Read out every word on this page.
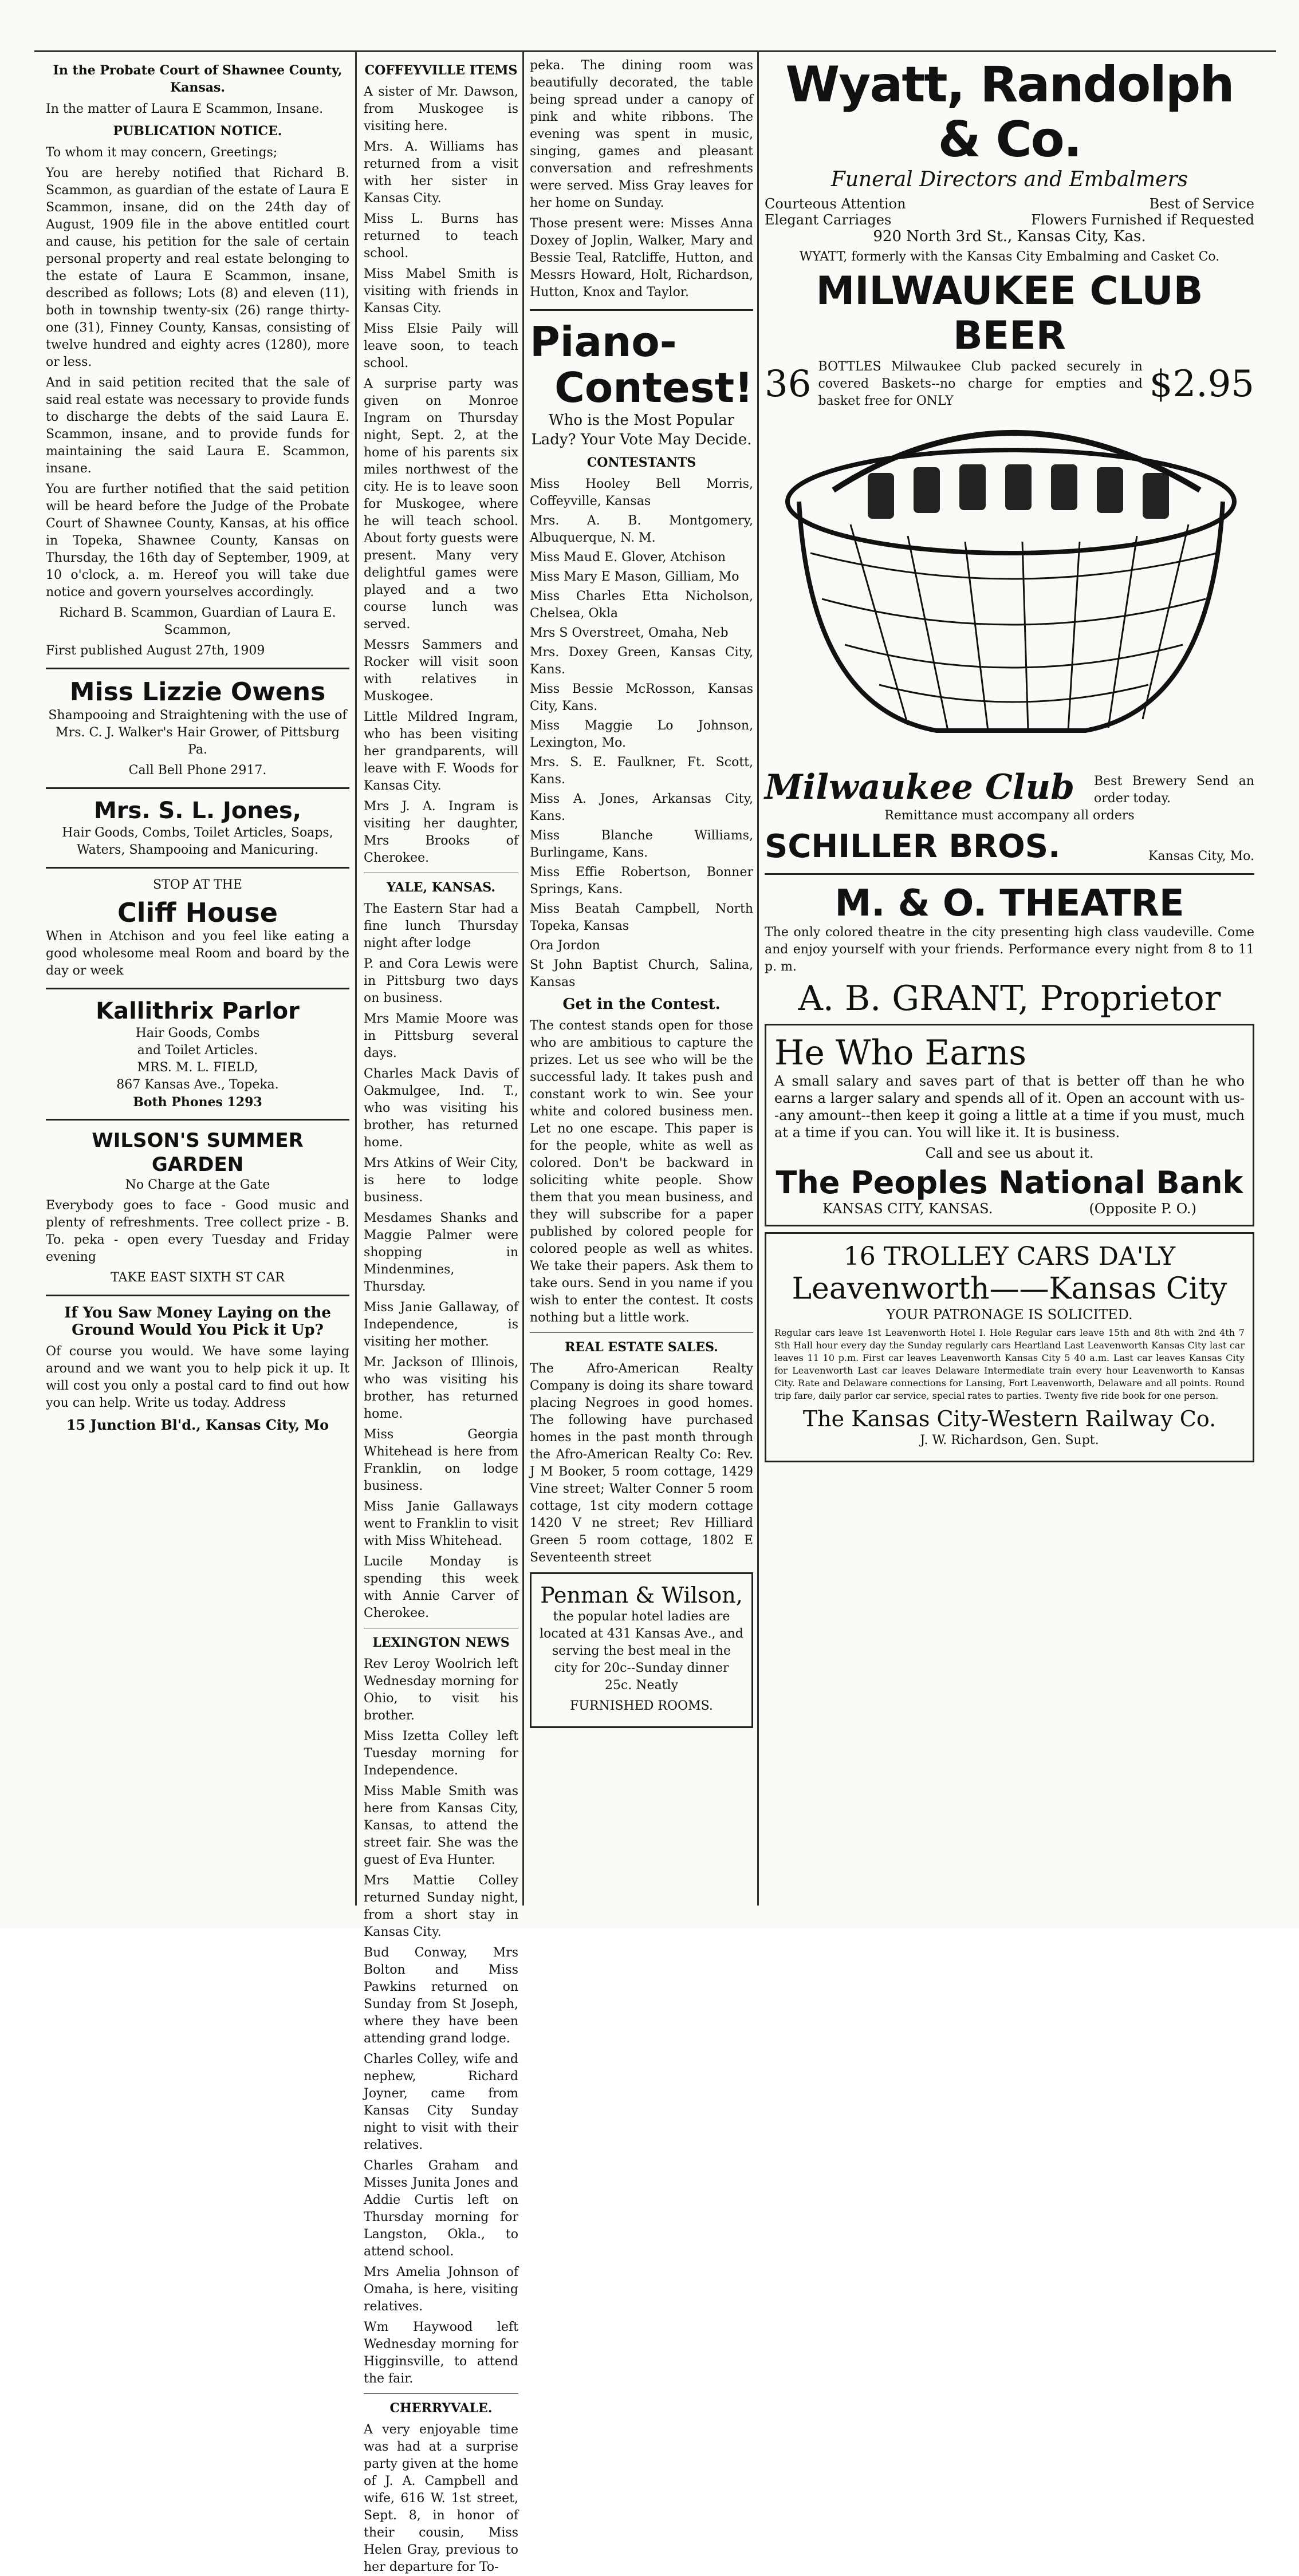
In the Probate Court of Shawnee County, Kansas.

In the matter of Laura E Scammon, Insane.

PUBLICATION NOTICE.

To whom it may concern, Greetings;

You are hereby notified that Richard B. Scammon, as guardian of the estate of Laura E Scammon, insane, did on the 24th day of August, 1909 file in the above entitled court and cause, his petition for the sale of certain personal property and real estate belonging to the estate of Laura E Scammon, insane, described as follows; Lots (8) and eleven (11), both in township twenty-six (26) range thirty-one (31), Finney County, Kansas, consisting of twelve hundred and eighty acres (1280), more or less.

And in said petition recited that the sale of said real estate was necessary to provide funds to discharge the debts of the said Laura E. Scammon, insane, and to provide funds for maintaining the said Laura E. Scammon, insane.

You are further notified that the said petition will be heard before the Judge of the Probate Court of Shawnee County, Kansas, at his office in Topeka, Shawnee County, Kansas on Thursday, the 16th day of September, 1909, at 10 o'clock, a. m. Hereof you will take due notice and govern yourselves accordingly.

Richard B. Scammon, Guardian of Laura E. Scammon,

First published August 27th, 1909

Miss Lizzie Owens

Shampooing and Straightening with the use of Mrs. C. J. Walker's Hair Grower, of Pittsburg Pa.

Call Bell Phone 2917.

Mrs. S. L. Jones,

Hair Goods, Combs, Toilet Articles, Soaps, Waters, Shampooing and Manicuring.

STOP AT THE

Cliff House

When in Atchison and you feel like eating a good wholesome meal Room and board by the day or week

Kallithrix Parlor

Hair Goods, Combs

and Toilet Articles.

MRS. M. L. FIELD,

867 Kansas Ave., Topeka.

Both Phones 1293

WILSON'S SUMMER GARDEN

No Charge at the Gate

Everybody goes to face - Good music and plenty of refreshments. Tree collect prize - B. To. peka - open every Tuesday and Friday evening

TAKE EAST SIXTH ST CAR

If You Saw Money Laying on the Ground Would You Pick it Up?

Of course you would. We have some laying around and we want you to help pick it up. It will cost you only a postal card to find out how you can help. Write us today. Address

15 Junction Bl'd., Kansas City, Mo

COFFEYVILLE ITEMS

A sister of Mr. Dawson, from Muskogee is visiting here.

Mrs. A. Williams has returned from a visit with her sister in Kansas City.

Miss L. Burns has returned to teach school.

Miss Mabel Smith is visiting with friends in Kansas City.

Miss Elsie Paily will leave soon, to teach school.

A surprise party was given on Monroe Ingram on Thursday night, Sept. 2, at the home of his parents six miles northwest of the city. He is to leave soon for Muskogee, where he will teach school. About forty guests were present. Many very delightful games were played and a two course lunch was served.

Messrs Sammers and Rocker will visit soon with relatives in Muskogee.

Little Mildred Ingram, who has been visiting her grandparents, will leave with F. Woods for Kansas City.

Mrs J. A. Ingram is visiting her daughter, Mrs Brooks of Cherokee.

YALE, KANSAS.

The Eastern Star had a fine lunch Thursday night after lodge

P. and Cora Lewis were in Pittsburg two days on business.

Mrs Mamie Moore was in Pittsburg several days.

Charles Mack Davis of Oakmulgee, Ind. T., who was visiting his brother, has returned home.

Mrs Atkins of Weir City, is here to lodge business.

Mesdames Shanks and Maggie Palmer were shopping in Mindenmines, Thursday.

Miss Janie Gallaway, of Independence, is visiting her mother.

Mr. Jackson of Illinois, who was visiting his brother, has returned home.

Miss Georgia Whitehead is here from Franklin, on lodge business.

Miss Janie Gallaways went to Franklin to visit with Miss Whitehead.

Lucile Monday is spending this week with Annie Carver of Cherokee.

LEXINGTON NEWS

Rev Leroy Woolrich left Wednesday morning for Ohio, to visit his brother.

Miss Izetta Colley left Tuesday morning for Independence.

Miss Mable Smith was here from Kansas City, Kansas, to attend the street fair. She was the guest of Eva Hunter.

Mrs Mattie Colley returned Sunday night, from a short stay in Kansas City.

Bud Conway, Mrs Bolton and Miss Pawkins returned on Sunday from St Joseph, where they have been attending grand lodge.

Charles Colley, wife and nephew, Richard Joyner, came from Kansas City Sunday night to visit with their relatives.

Charles Graham and Misses Junita Jones and Addie Curtis left on Thursday morning for Langston, Okla., to attend school.

Mrs Amelia Johnson of Omaha, is here, visiting relatives.

Wm Haywood left Wednesday morning for Higginsville, to attend the fair.

CHERRYVALE.

A very enjoyable time was had at a surprise party given at the home of J. A. Campbell and wife, 616 W. 1st street, Sept. 8, in honor of their cousin, Miss Helen Gray, previous to her departure for To-

peka. The dining room was beautifully decorated, the table being spread under a canopy of pink and white ribbons. The evening was spent in music, singing, games and pleasant conversation and refreshments were served. Miss Gray leaves for her home on Sunday.

Those present were: Misses Anna Doxey of Joplin, Walker, Mary and Bessie Teal, Ratcliffe, Hutton, and Messrs Howard, Holt, Richardson, Hutton, Knox and Taylor.

Piano-
Contest!

Who is the Most Popular Lady? Your Vote May Decide.

CONTESTANTS

Miss Hooley Bell Morris, Coffeyville, Kansas

Mrs. A. B. Montgomery, Albuquerque, N. M.

Miss Maud E. Glover, Atchison

Miss Mary E Mason, Gilliam, Mo

Miss Charles Etta Nicholson, Chelsea, Okla

Mrs S Overstreet, Omaha, Neb

Mrs. Doxey Green, Kansas City, Kans.

Miss Bessie McRosson, Kansas City, Kans.

Miss Maggie Lo Johnson, Lexington, Mo.

Mrs. S. E. Faulkner, Ft. Scott, Kans.

Miss A. Jones, Arkansas City, Kans.

Miss Blanche Williams, Burlingame, Kans.

Miss Effie Robertson, Bonner Springs, Kans.

Miss Beatah Campbell, North Topeka, Kansas

Ora Jordon

St John Baptist Church, Salina, Kansas

Get in the Contest.

The contest stands open for those who are ambitious to capture the prizes. Let us see who will be the successful lady. It takes push and constant work to win. See your white and colored business men. Let no one escape. This paper is for the people, white as well as colored. Don't be backward in soliciting white people. Show them that you mean business, and they will subscribe for a paper published by colored people for colored people as well as whites. We take their papers. Ask them to take ours. Send in you name if you wish to enter the contest. It costs nothing but a little work.

REAL ESTATE SALES.

The Afro-American Realty Company is doing its share toward placing Negroes in good homes. The following have purchased homes in the past month through the Afro-American Realty Co: Rev. J M Booker, 5 room cottage, 1429 Vine street; Walter Conner 5 room cottage, 1st city modern cottage 1420 V ne street; Rev Hilliard Green 5 room cottage, 1802 E Seventeenth street

Penman & Wilson,

the popular hotel ladies are located at 431 Kansas Ave., and serving the best meal in the city for 20c--Sunday dinner 25c. Neatly

FURNISHED ROOMS.

Wyatt, Randolph & Co.

Funeral Directors and Embalmers

Courteous Attention	Best of Service
Elegant Carriages	Flowers Furnished if Requested

920 North 3rd St., Kansas City, Kas.

WYATT, formerly with the Kansas City Embalming and Casket Co.

MILWAUKEE CLUB BEER
36 BOTTLES Milwaukee Club packed securely in covered Baskets--no charge for empties and basket free for ONLY	$2.95
Milwaukee Club Best Brewery Send an order today.

Remittance must accompany all orders

SCHILLER BROS.	Kansas City, Mo.
M. & O. THEATRE

The only colored theatre in the city presenting high class vaudeville. Come and enjoy yourself with your friends. Performance every night from 8 to 11 p. m.

A. B. GRANT, Proprietor
He Who Earns

A small salary and saves part of that is better off than he who earns a larger salary and spends all of it. Open an account with us--any amount--then keep it going a little at a time if you must, much at a time if you can. You will like it. It is business.

Call and see us about it.

The Peoples National Bank
KANSAS CITY, KANSAS.	(Opposite P. O.)
16 TROLLEY CARS DA'LY
Leavenworth——Kansas City

YOUR PATRONAGE IS SOLICITED.

Regular cars leave 1st Leavenworth Hotel I. Hole Regular cars leave 15th and 8th with 2nd 4th 7 Sth Hall hour every day the Sunday regularly cars Heartland Last Leavenworth Kansas City last car leaves 11 10 p.m. First car leaves Leavenworth Kansas City 5 40 a.m. Last car leaves Kansas City for Leavenworth Last car leaves Delaware Intermediate train every hour Leavenworth to Kansas City. Rate and Delaware connections for Lansing, Fort Leavenworth, Delaware and all points. Round trip fare, daily parlor car service, special rates to parties. Twenty five ride book for one person.

The Kansas City-Western Railway Co.

J. W. Richardson, Gen. Supt.
